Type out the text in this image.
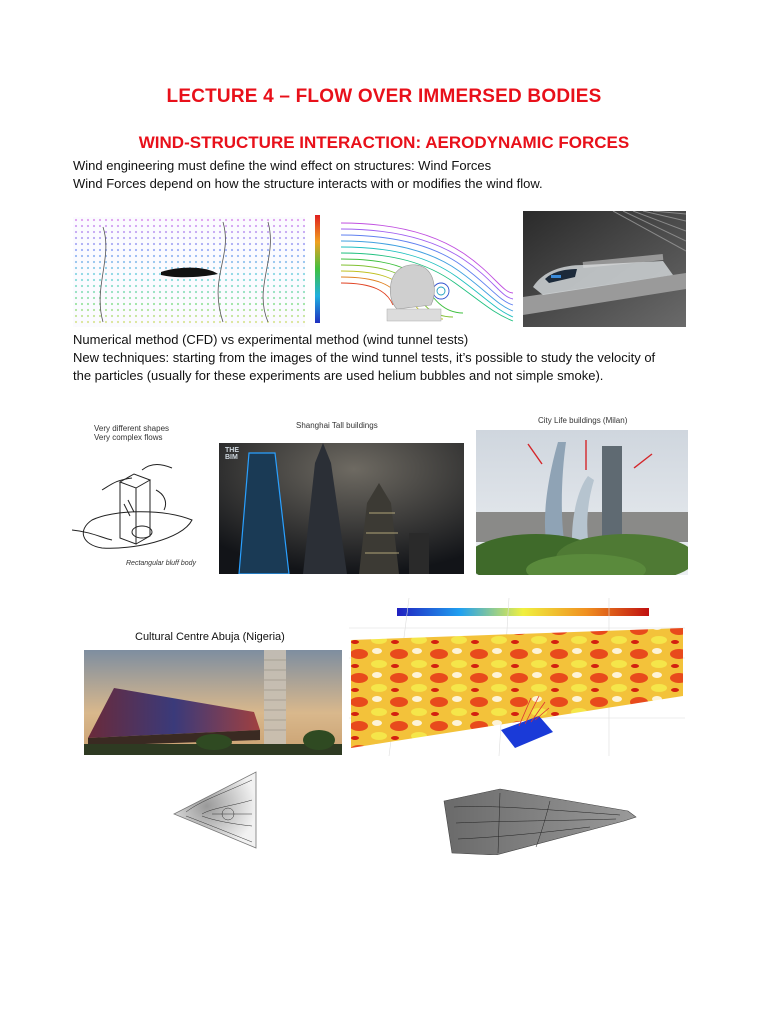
LECTURE 4 – FLOW OVER IMMERSED BODIES
WIND-STRUCTURE INTERACTION: AERODYNAMIC FORCES
Wind engineering must define the wind effect on structures: Wind Forces
Wind Forces depend on how the structure interacts with or modifies the wind flow.
Numerical method (CFD) vs experimental method (wind tunnel tests)
New techniques: starting from the images of the wind tunnel tests, it’s possible to study the velocity of
the particles (usually for these experiments are used helium bubbles and not simple smoke).
Very different shapes
Very complex flows
Rectangular bluff body
Shanghai Tall buildings
THE BIM
City Life buildings (Milan)
Cultural Centre Abuja (Nigeria)
